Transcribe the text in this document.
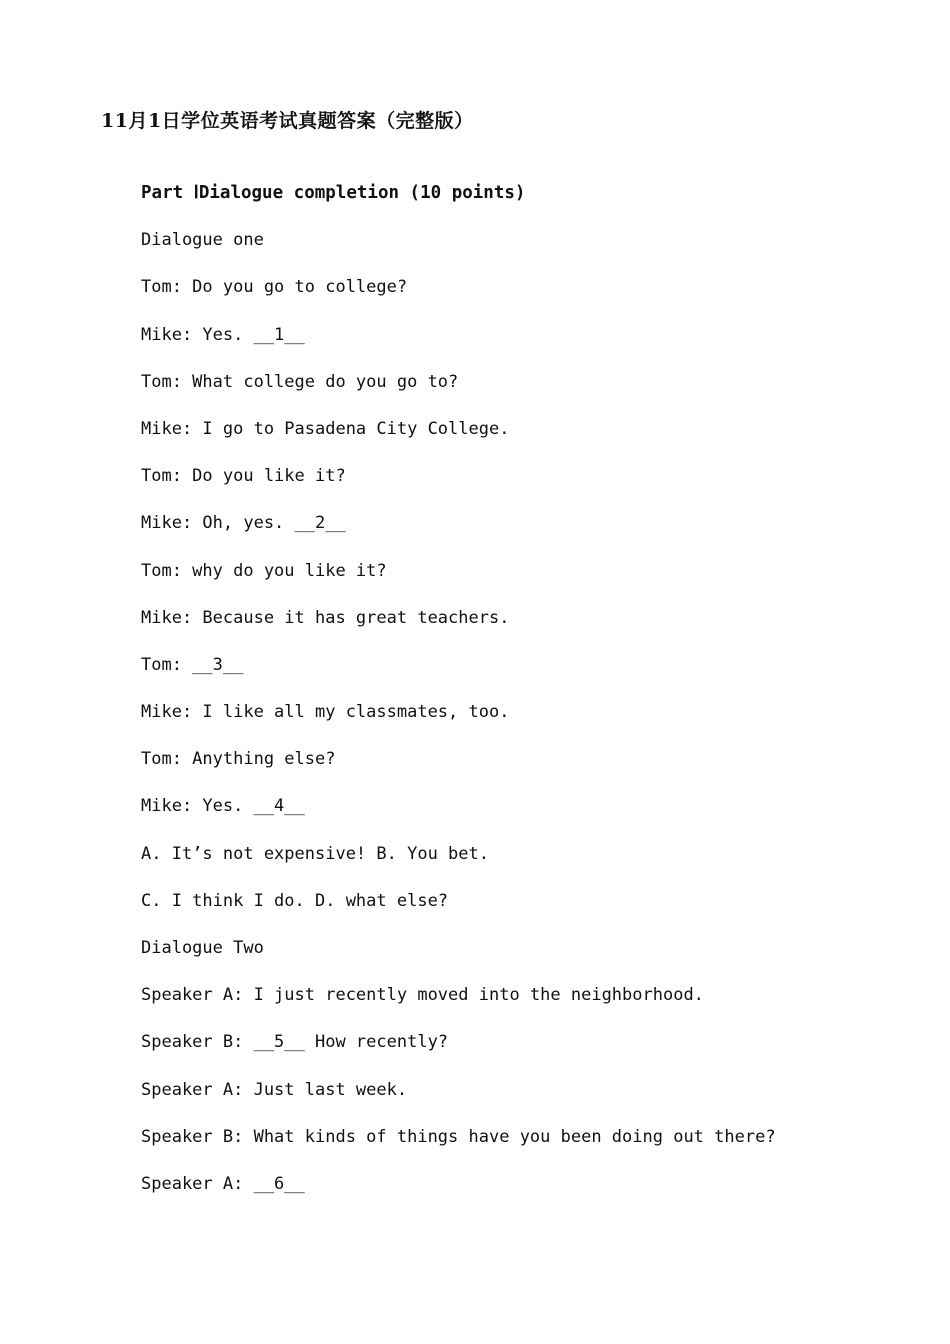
11月1日学位英语考试真题答案（完整版）
Part ⅠDialogue completion (10 points)
Dialogue one
Tom: Do you go to college?
Mike: Yes. __1__
Tom: What college do you go to?
Mike: I go to Pasadena City College.
Tom: Do you like it?
Mike: Oh, yes. __2__
Tom: why do you like it?
Mike: Because it has great teachers.
Tom: __3__
Mike: I like all my classmates, too.
Tom: Anything else?
Mike: Yes. __4__
A. It’s not expensive! B. You bet.
C. I think I do. D. what else?
Dialogue Two
Speaker A: I just recently moved into the neighborhood.
Speaker B: __5__ How recently?
Speaker A: Just last week.
Speaker B: What kinds of things have you been doing out there?
Speaker A: __6__
